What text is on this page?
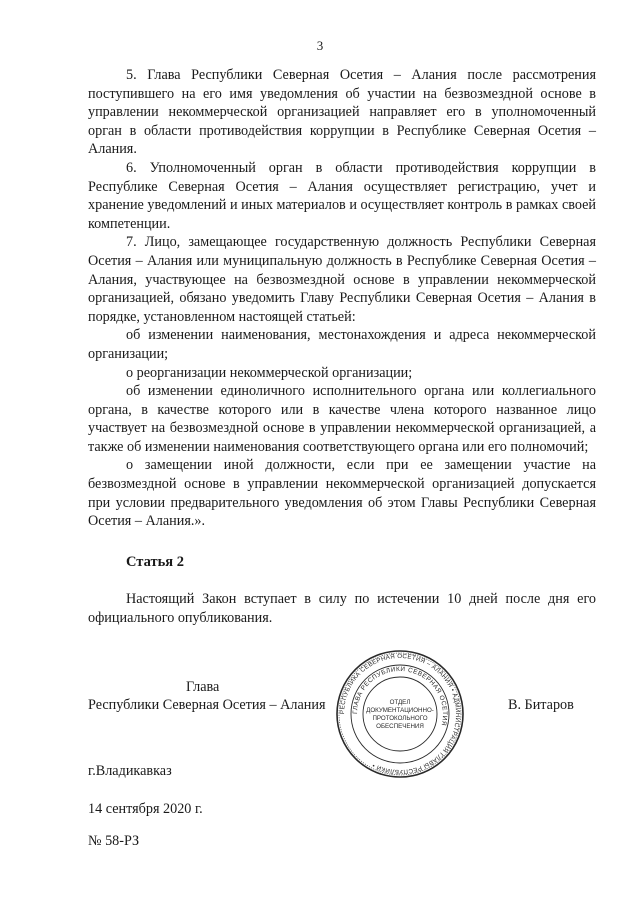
3

5. Глава Республики Северная Осетия – Алания после рассмотрения поступившего на его имя уведомления об участии на безвозмездной основе в управлении некоммерческой организацией направляет его в уполномоченный орган в области противодействия коррупции в Республике Северная Осетия – Алания.

6. Уполномоченный орган в области противодействия коррупции в Республике Северная Осетия – Алания осуществляет регистрацию, учет и хранение уведомлений и иных материалов и осуществляет контроль в рамках своей компетенции.

7. Лицо, замещающее государственную должность Республики Северная Осетия – Алания или муниципальную должность в Республике Северная Осетия – Алания, участвующее на безвозмездной основе в управлении некоммерческой организацией, обязано уведомить Главу Республики Северная Осетия – Алания в порядке, установленном настоящей статьей:

об изменении наименования, местонахождения и адреса некоммерческой организации;

о реорганизации некоммерческой организации;

об изменении единоличного исполнительного органа или коллегиального органа, в качестве которого или в качестве члена которого названное лицо участвует на безвозмездной основе в управлении некоммерческой организацией, а также об изменении наименования соответствующего органа или его полномочий;

о замещении иной должности, если при ее замещении участие на безвозмездной основе в управлении некоммерческой организацией допускается при условии предварительного уведомления об этом Главы Республики Северная Осетия – Алания.».

Статья 2

Настоящий Закон вступает в силу по истечении 10 дней после дня его официального опубликования.

Глава
Республики Северная Осетия – Алания	В. Битаров
РЕСПУБЛИКА СЕВЕРНАЯ ОСЕТИЯ – АЛАНИЯ • АДМИНИСТРАЦИЯ ГЛАВЫ РЕСПУБЛИКИ •
ГЛАВА РЕСПУБЛИКИ СЕВЕРНАЯ ОСЕТИЯ
ОТДЕЛ
ДОКУМЕНТАЦИОННО-
ПРОТОКОЛЬНОГО
ОБЕСПЕЧЕНИЯ
г.Владикавказ
14 сентября 2020 г.
№ 58-РЗ
